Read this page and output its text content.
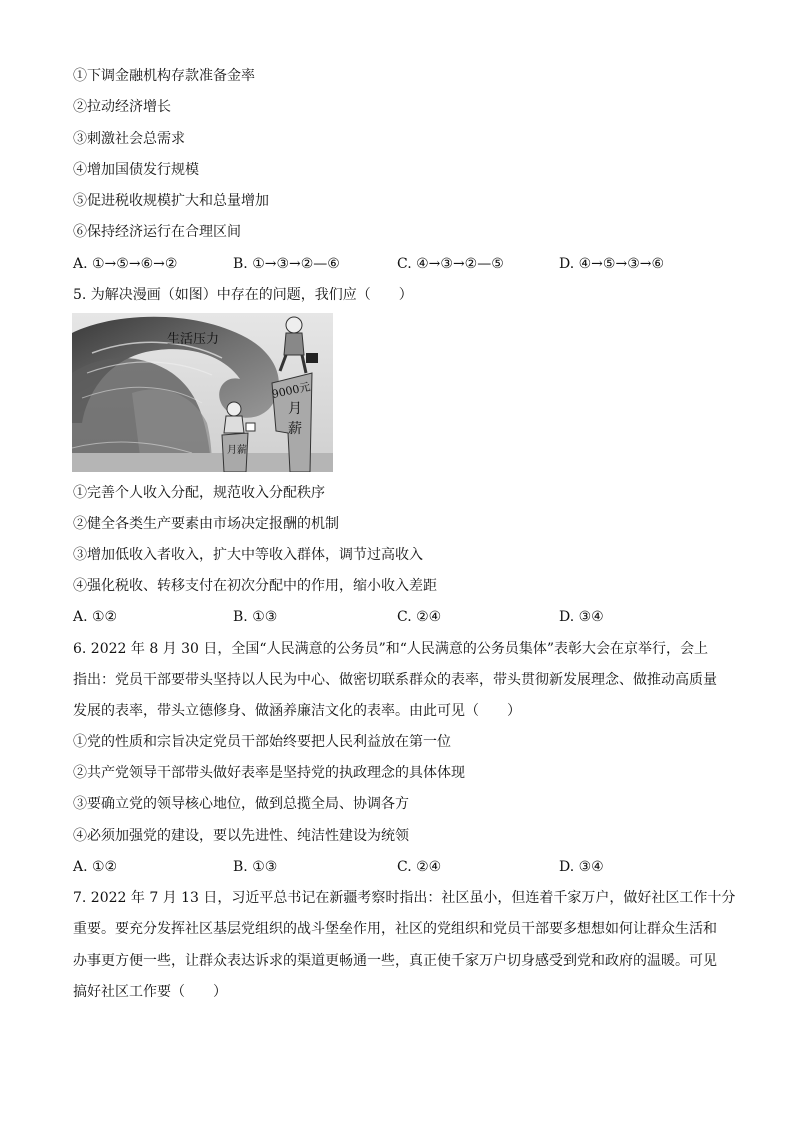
①下调金融机构存款准备金率
②拉动经济增长
③刺激社会总需求
④增加国债发行规模
⑤促进税收规模扩大和总量增加
⑥保持经济运行在合理区间
A. ①→⑤→⑥→②	B. ①→③→②—⑥	C. ④→③→②—⑤	D. ④→⑤→③→⑥
5. 为解决漫画（如图）中存在的问题，我们应（　　）
生活压力
9000元
月
薪
月薪
①完善个人收入分配，规范收入分配秩序
②健全各类生产要素由市场决定报酬的机制
③增加低收入者收入，扩大中等收入群体，调节过高收入
④强化税收、转移支付在初次分配中的作用，缩小收入差距
A. ①②	B. ①③	C. ②④	D. ③④
6. 2022 年 8 月 30 日，全国“人民满意的公务员”和“人民满意的公务员集体”表彰大会在京举行，会上
指出：党员干部要带头坚持以人民为中心、做密切联系群众的表率，带头贯彻新发展理念、做推动高质量
发展的表率，带头立德修身、做涵养廉洁文化的表率。由此可见（　　）
①党的性质和宗旨决定党员干部始终要把人民利益放在第一位
②共产党领导干部带头做好表率是坚持党的执政理念的具体体现
③要确立党的领导核心地位，做到总揽全局、协调各方
④必须加强党的建设，要以先进性、纯洁性建设为统领
A. ①②	B. ①③	C. ②④	D. ③④
7. 2022 年 7 月 13 日，习近平总书记在新疆考察时指出：社区虽小，但连着千家万户，做好社区工作十分
重要。要充分发挥社区基层党组织的战斗堡垒作用，社区的党组织和党员干部要多想想如何让群众生活和
办事更方便一些，让群众表达诉求的渠道更畅通一些，真正使千家万户切身感受到党和政府的温暖。可见
搞好社区工作要（　　）
